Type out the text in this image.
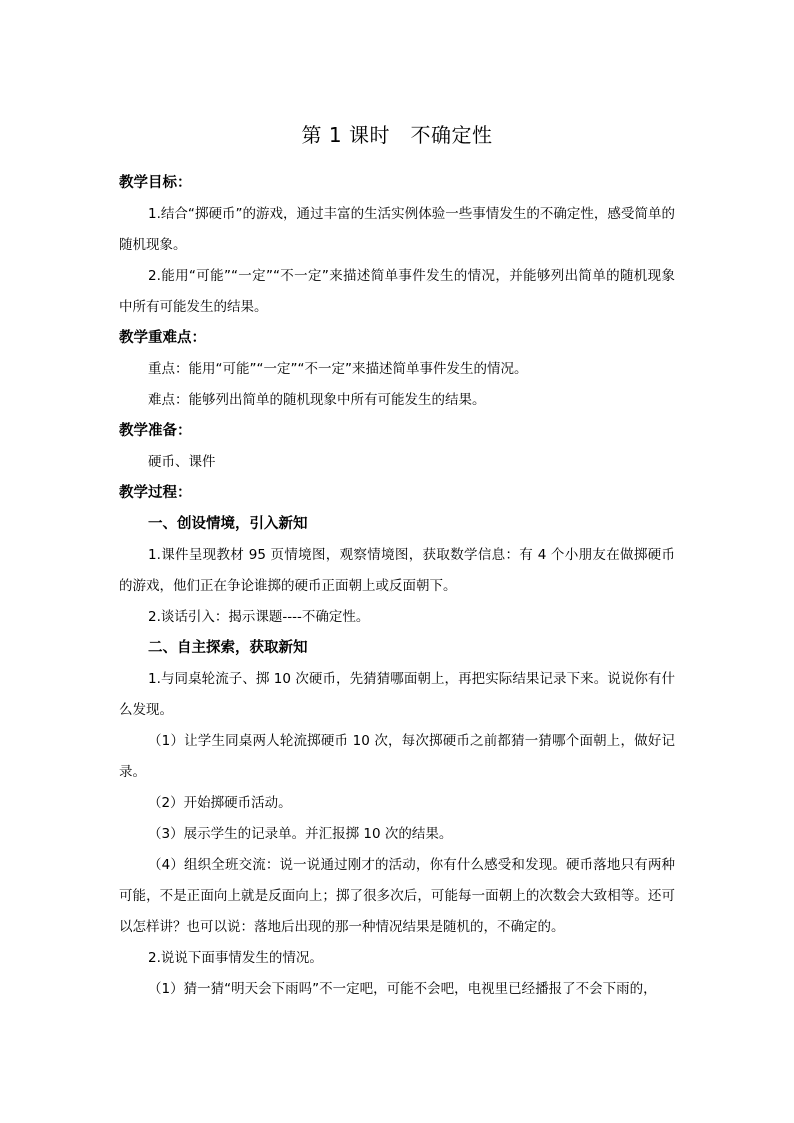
第 1 课时　不确定性

教学目标：

1.结合“掷硬币”的游戏，通过丰富的生活实例体验一些事情发生的不确定性，感受简单的随机现象。

2.能用“可能”“一定”“不一定”来描述简单事件发生的情况，并能够列出简单的随机现象中所有可能发生的结果。

教学重难点：

重点：能用“可能”“一定”“不一定”来描述简单事件发生的情况。

难点：能够列出简单的随机现象中所有可能发生的结果。

教学准备：

硬币、课件

教学过程：

一、创设情境，引入新知

1.课件呈现教材 95 页情境图，观察情境图，获取数学信息：有 4 个小朋友在做掷硬币的游戏，他们正在争论谁掷的硬币正面朝上或反面朝下。

2.谈话引入：揭示课题----不确定性。

二、自主探索，获取新知

1.与同桌轮流子、掷 10 次硬币，先猜猜哪面朝上，再把实际结果记录下来。说说你有什么发现。

（1）让学生同桌两人轮流掷硬币 10 次，每次掷硬币之前都猜一猜哪个面朝上，做好记录。

（2）开始掷硬币活动。

（3）展示学生的记录单。并汇报掷 10 次的结果。

（4）组织全班交流：说一说通过刚才的活动，你有什么感受和发现。硬币落地只有两种可能，不是正面向上就是反面向上；掷了很多次后，可能每一面朝上的次数会大致相等。还可以怎样讲？也可以说：落地后出现的那一种情况结果是随机的，不确定的。

2.说说下面事情发生的情况。

（1）猜一猜“明天会下雨吗”不一定吧，可能不会吧，电视里已经播报了不会下雨的，
